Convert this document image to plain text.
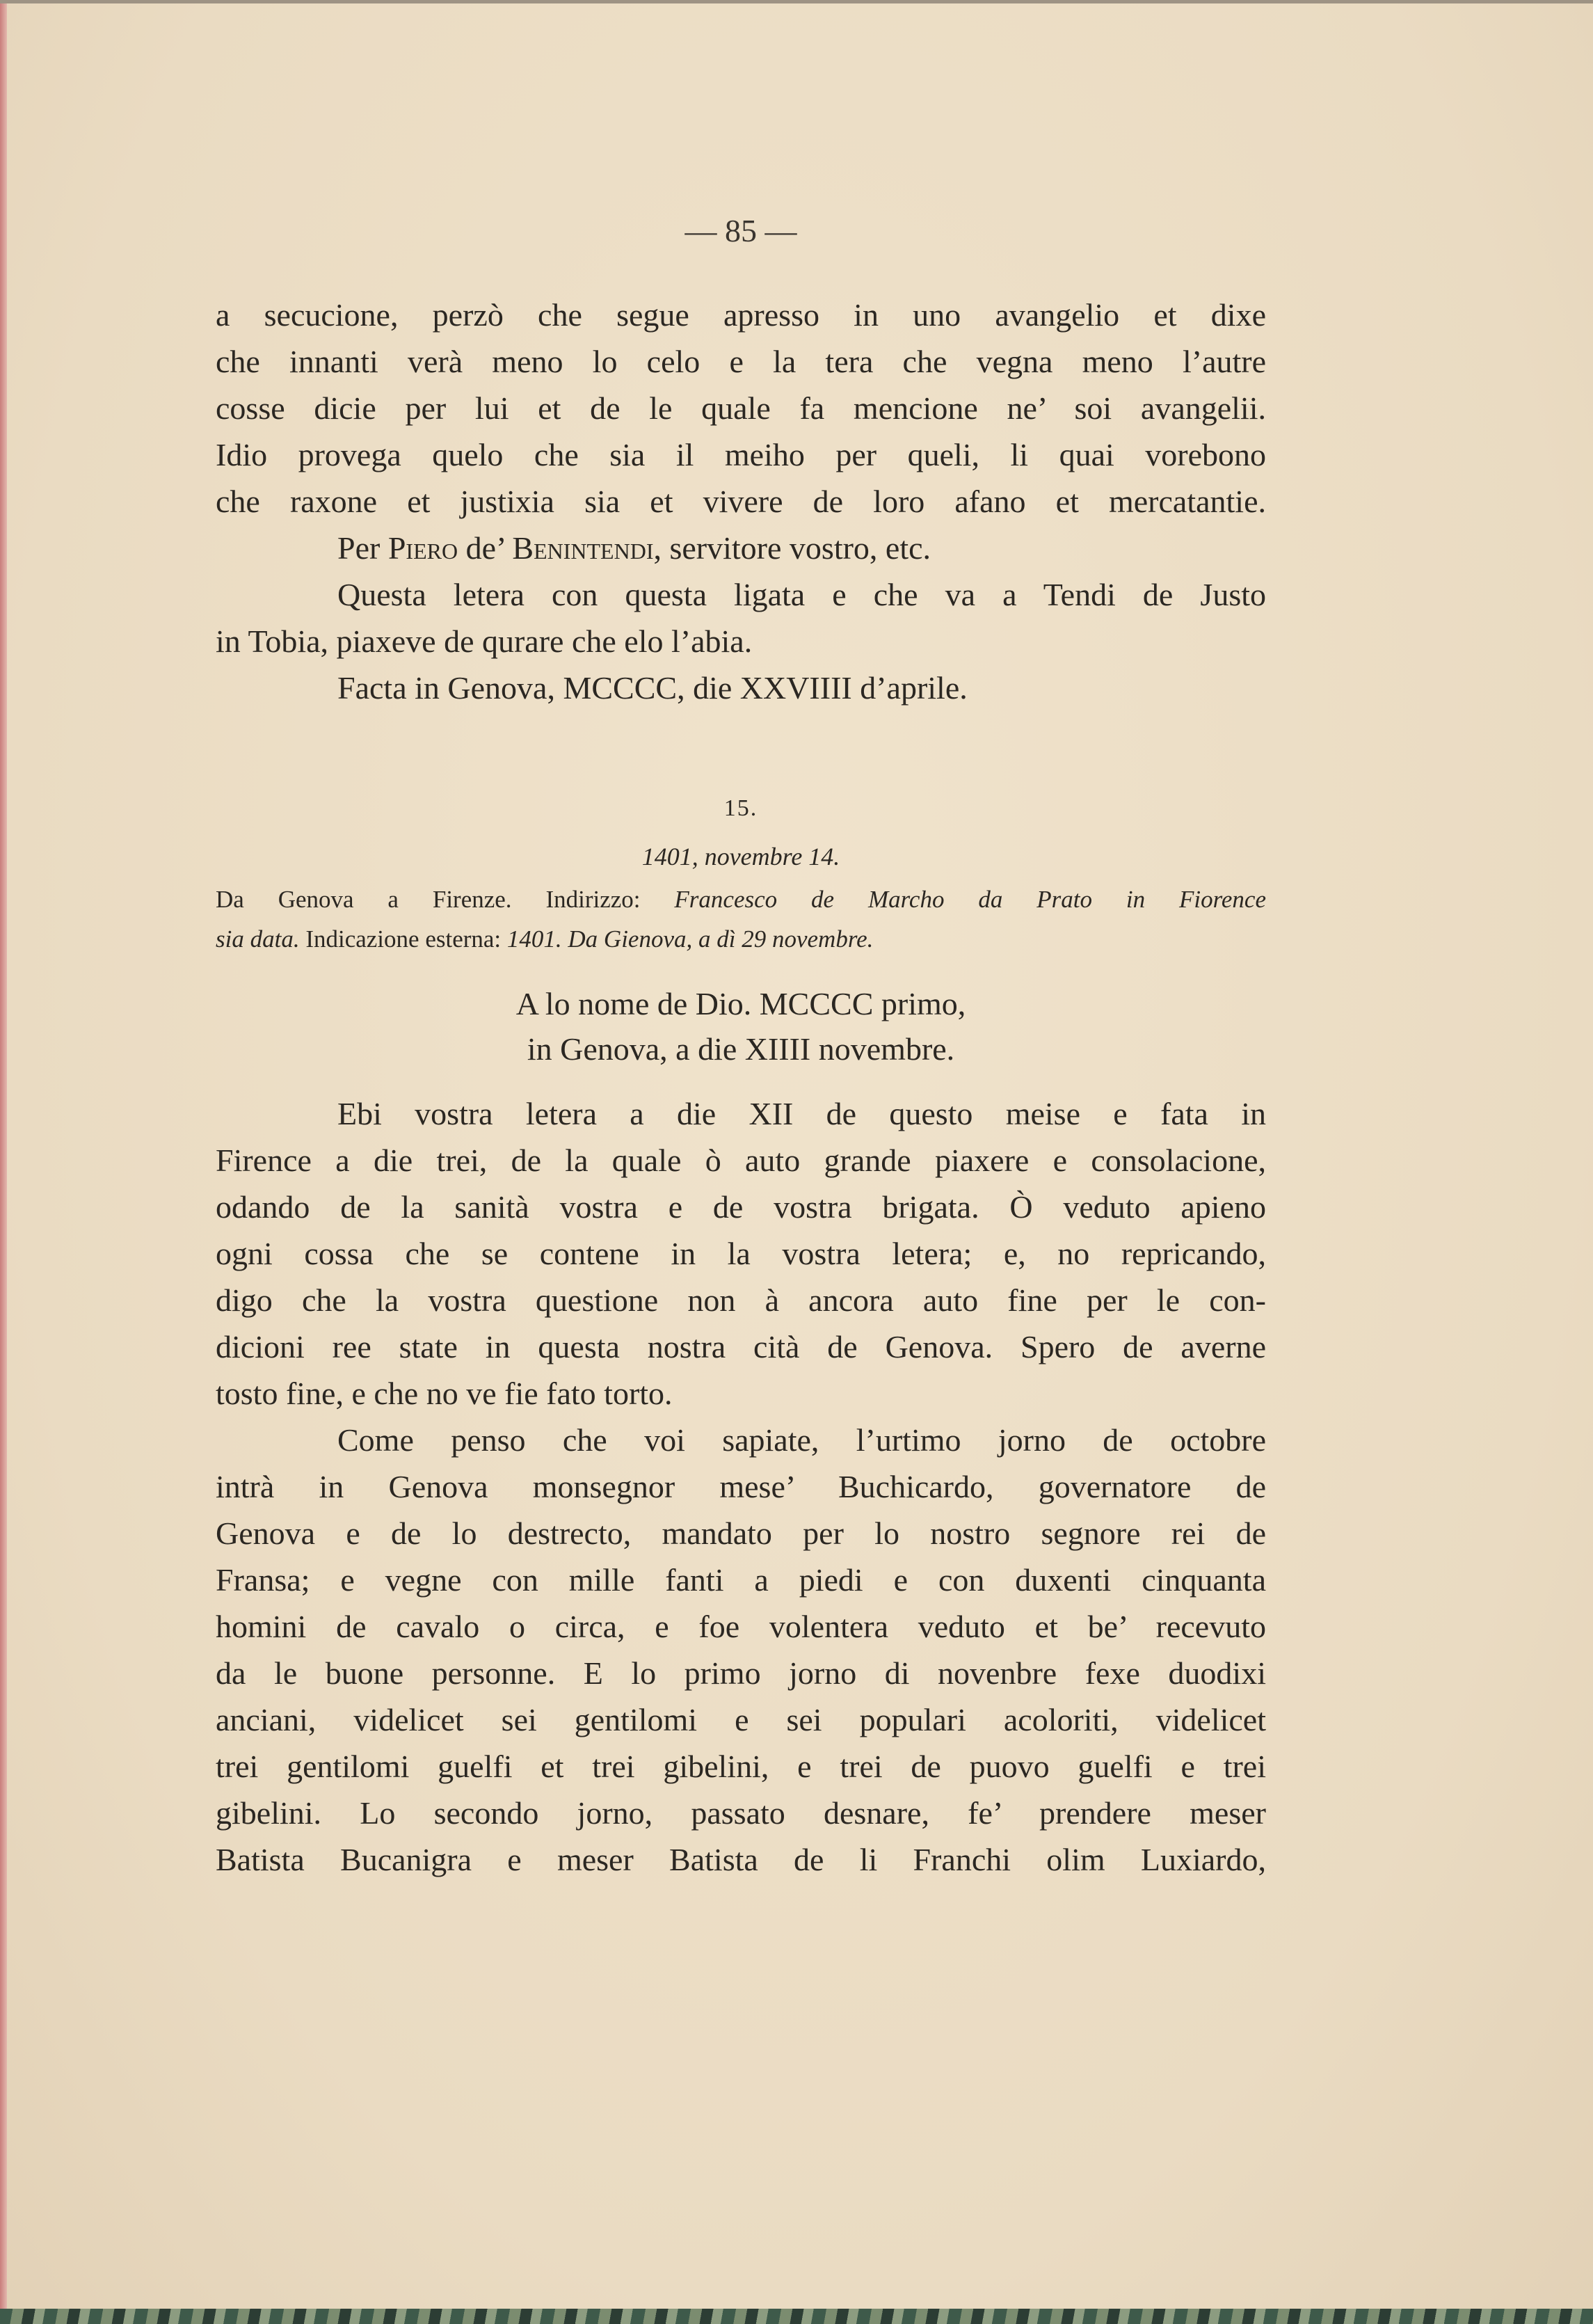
— 85 —
a secucione, perzò che segue apresso in uno avangelio et dixe
che innanti verà meno lo celo e la tera che vegna meno l’autre
cosse dicie per lui et de le quale fa mencione ne’ soi avangelii.
Idio provega quelo che sia il meiho per queli, li quai vorebono
che raxone et justixia sia et vivere de loro afano et mercatantie.
Per Piero de’ Benintendi, servitore vostro, etc.
Questa letera con questa ligata e che va a Tendi de Justo
in Tobia, piaxeve de qurare che elo l’abia.
Facta in Genova, MCCCC, die XXVIIII d’aprile.
15.
1401, novembre 14.
Da Genova a Firenze. Indirizzo: Francesco de Marcho da Prato in Fiorence
sia data. Indicazione esterna: 1401. Da Gienova, a dì 29 novembre.
A lo nome de Dio. MCCCC primo,
in Genova, a die XIIII novembre.
Ebi vostra letera a die XII de questo meise e fata in
Firence a die trei, de la quale ò auto grande piaxere e consolacione,
odando de la sanità vostra e de vostra brigata. Ò veduto apieno
ogni cossa che se contene in la vostra letera; e, no repricando,
digo che la vostra questione non à ancora auto fine per le con-
dicioni ree state in questa nostra cità de Genova. Spero de averne
tosto fine, e che no ve fie fato torto.
Come penso che voi sapiate, l’urtimo jorno de octobre
intrà in Genova monsegnor mese’ Buchicardo, governatore de
Genova e de lo destrecto, mandato per lo nostro segnore rei de
Fransa; e vegne con mille fanti a piedi e con duxenti cinquanta
homini de cavalo o circa, e foe volentera veduto et be’ recevuto
da le buone personne. E lo primo jorno di novenbre fexe duodixi
anciani, videlicet sei gentilomi e sei populari acoloriti, videlicet
trei gentilomi guelfi et trei gibelini, e trei de puovo guelfi e trei
gibelini. Lo secondo jorno, passato desnare, fe’ prendere meser
Batista Bucanigra e meser Batista de li Franchi olim Luxiardo,
